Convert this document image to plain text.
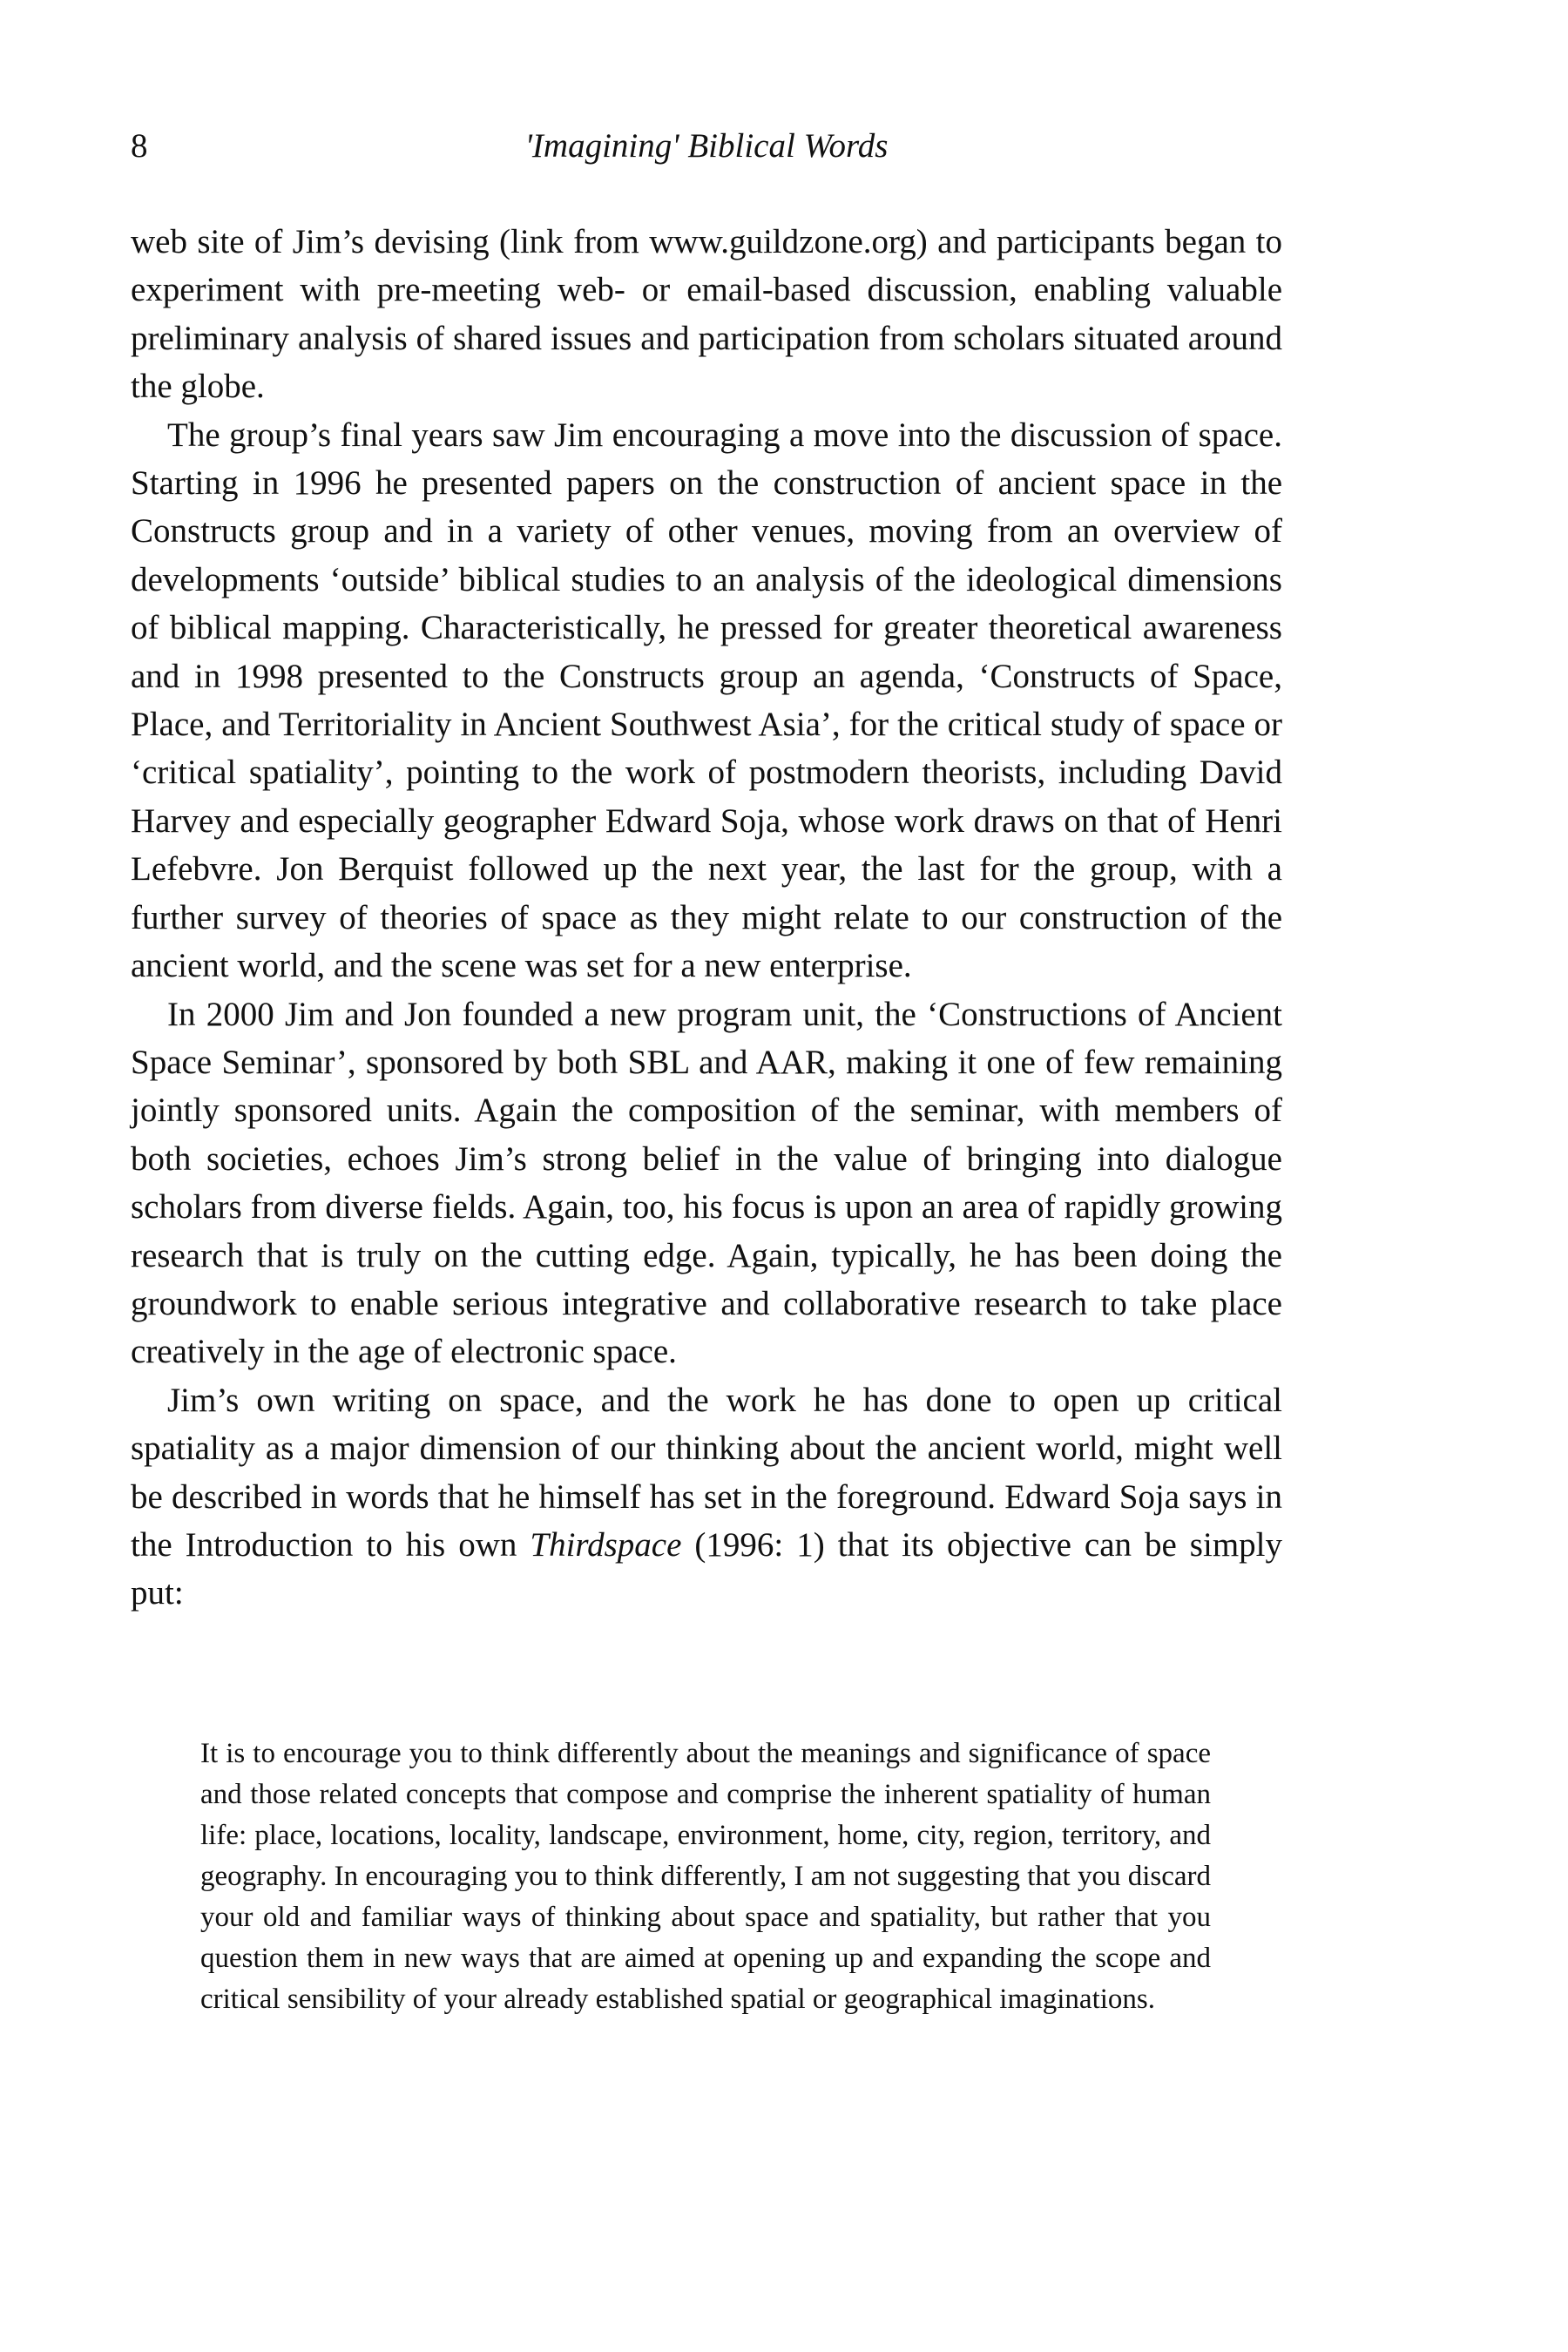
8	'Imagining' Biblical Words

web site of Jim’s devising (link from www.guildzone.org) and participants began to experiment with pre-meeting web- or email-based discussion, enabling valuable preliminary analysis of shared issues and participation from scholars situated around the globe.

The group’s final years saw Jim encouraging a move into the discussion of space. Starting in 1996 he presented papers on the construction of ancient space in the Constructs group and in a variety of other venues, moving from an overview of developments ‘outside’ biblical studies to an analysis of the ideological dimensions of biblical mapping. Characteristically, he pressed for greater theoretical awareness and in 1998 presented to the Constructs group an agenda, ‘Constructs of Space, Place, and Territoriality in Ancient Southwest Asia’, for the critical study of space or ‘critical spatiality’, pointing to the work of postmodern theorists, including David Harvey and especially geographer Edward Soja, whose work draws on that of Henri Lefebvre. Jon Berquist followed up the next year, the last for the group, with a further survey of theories of space as they might relate to our construction of the ancient world, and the scene was set for a new enterprise.

In 2000 Jim and Jon founded a new program unit, the ‘Constructions of Ancient Space Seminar’, sponsored by both SBL and AAR, making it one of few remaining jointly sponsored units. Again the composition of the seminar, with members of both societies, echoes Jim’s strong belief in the value of bringing into dialogue scholars from diverse fields. Again, too, his focus is upon an area of rapidly growing research that is truly on the cutting edge. Again, typically, he has been doing the groundwork to enable serious integrative and collaborative research to take place creatively in the age of electronic space.

Jim’s own writing on space, and the work he has done to open up critical spatiality as a major dimension of our thinking about the ancient world, might well be described in words that he himself has set in the foreground. Edward Soja says in the Introduction to his own Thirdspace (1996: 1) that its objective can be simply put:

It is to encourage you to think differently about the meanings and significance of space and those related concepts that compose and comprise the inherent spatiality of human life: place, locations, locality, landscape, environment, home, city, region, territory, and geography. In encouraging you to think differently, I am not suggesting that you discard your old and familiar ways of thinking about space and spatiality, but rather that you question them in new ways that are aimed at opening up and expanding the scope and critical sensibility of your already established spatial or geographical imaginations.
